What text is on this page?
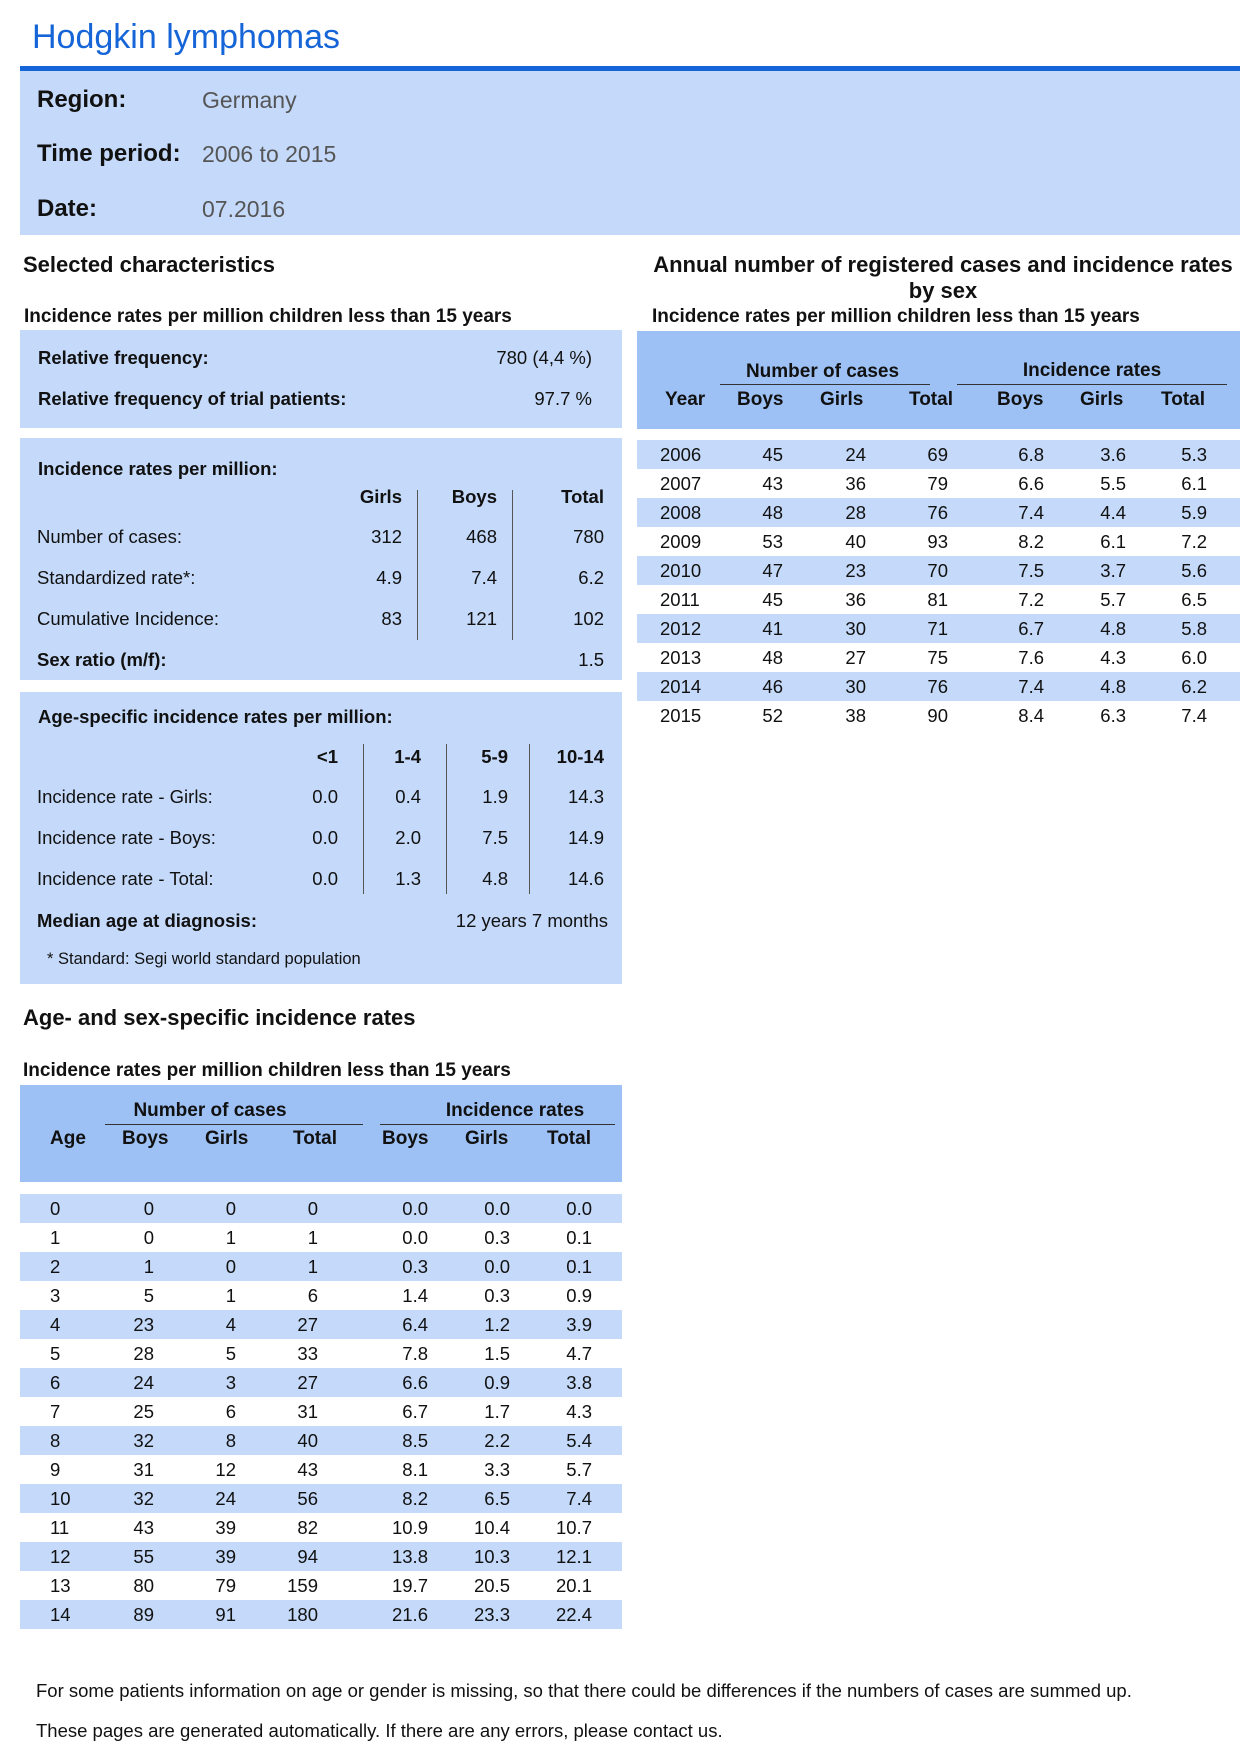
Hodgkin lymphomas
Region:	Germany
Time period: 2006 to 2015
Date:	07.2016
Selected characteristics
Incidence rates per million children less than 15 years
Relative frequency:	780 (4,4 %)
Relative frequency of trial patients:	97.7 %
Incidence rates per million:
Girls	Boys	Total
Number of cases:	312	468	780
Standardized rate*:	4.9	7.4	6.2
Cumulative Incidence:	83	121	102
Sex ratio (m/f):	1.5
Age-specific incidence rates per million:
<1	1-4	5-9	10-14
Incidence rate - Girls:	0.0	0.4	1.9	14.3
Incidence rate - Boys:	0.0	2.0	7.5	14.9
Incidence rate - Total:	0.0	1.3	4.8	14.6
Median age at diagnosis:	12 years 7 months
* Standard: Segi world standard population
Annual number of registered cases and incidence rates
by sex
Incidence rates per million children less than 15 years
Number of cases	Incidence rates
Year Boys Girls Total Boys Girls Total
2006	45	24	69	6.8	3.6	5.3
2007	43	36	79	6.6	5.5	6.1
2008	48	28	76	7.4	4.4	5.9
2009	53	40	93	8.2	6.1	7.2
2010	47	23	70	7.5	3.7	5.6
2011	45	36	81	7.2	5.7	6.5
2012	41	30	71	6.7	4.8	5.8
2013	48	27	75	7.6	4.3	6.0
2014	46	30	76	7.4	4.8	6.2
2015	52	38	90	8.4	6.3	7.4
Age- and sex-specific incidence rates
Incidence rates per million children less than 15 years
Number of cases	Incidence rates
Age Boys Girls Total Boys Girls Total
0	0	0	0	0.0	0.0	0.0
1	0	1	1	0.0	0.3	0.1
2	1	0	1	0.3	0.0	0.1
3	5	1	6	1.4	0.3	0.9
4	23	4	27	6.4	1.2	3.9
5	28	5	33	7.8	1.5	4.7
6	24	3	27	6.6	0.9	3.8
7	25	6	31	6.7	1.7	4.3
8	32	8	40	8.5	2.2	5.4
9	31	12	43	8.1	3.3	5.7
10	32	24	56	8.2	6.5	7.4
11	43	39	82	10.9 10.4 10.7
12	55	39	94	13.8 10.3 12.1
13	80	79	159	19.7 20.5 20.1
14	89	91	180	21.6 23.3 22.4
For some patients information on age or gender is missing, so that there could be differences if the numbers of cases are summed up.
These pages are generated automatically. If there are any errors, please contact us.
